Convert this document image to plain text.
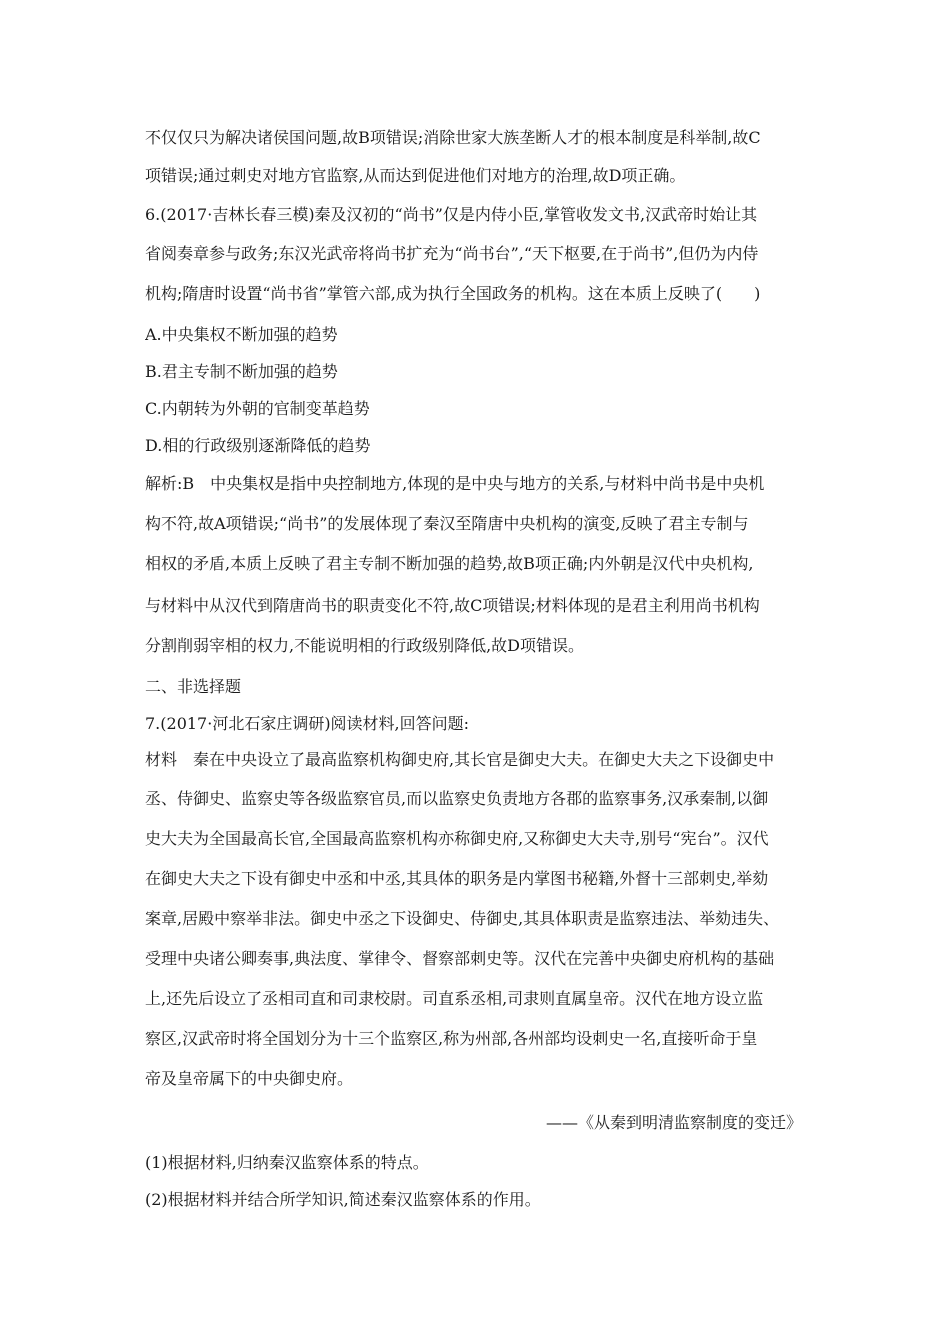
不仅仅只为解决诸侯国问题,故B项错误;消除世家大族垄断人才的根本制度是科举制,故C
项错误;通过刺史对地方官监察,从而达到促进他们对地方的治理,故D项正确。
6.(2017·吉林长春三模)秦及汉初的“尚书”仅是内侍小臣,掌管收发文书,汉武帝时始让其
省阅奏章参与政务;东汉光武帝将尚书扩充为“尚书台”,“天下枢要,在于尚书”,但仍为内侍
机构;隋唐时设置“尚书省”掌管六部,成为执行全国政务的机构。这在本质上反映了(　　)
A.中央集权不断加强的趋势
B.君主专制不断加强的趋势
C.内朝转为外朝的官制变革趋势
D.相的行政级别逐渐降低的趋势
解析:B　中央集权是指中央控制地方,体现的是中央与地方的关系,与材料中尚书是中央机
构不符,故A项错误;“尚书”的发展体现了秦汉至隋唐中央机构的演变,反映了君主专制与
相权的矛盾,本质上反映了君主专制不断加强的趋势,故B项正确;内外朝是汉代中央机构,
与材料中从汉代到隋唐尚书的职责变化不符,故C项错误;材料体现的是君主利用尚书机构
分割削弱宰相的权力,不能说明相的行政级别降低,故D项错误。
二、非选择题
7.(2017·河北石家庄调研)阅读材料,回答问题:
材料　秦在中央设立了最高监察机构御史府,其长官是御史大夫。在御史大夫之下设御史中
丞、侍御史、监察史等各级监察官员,而以监察史负责地方各郡的监察事务,汉承秦制,以御
史大夫为全国最高长官,全国最高监察机构亦称御史府,又称御史大夫寺,别号“宪台”。汉代
在御史大夫之下设有御史中丞和中丞,其具体的职务是内掌图书秘籍,外督十三部刺史,举劾
案章,居殿中察举非法。御史中丞之下设御史、侍御史,其具体职责是监察违法、举劾违失、
受理中央诸公卿奏事,典法度、掌律令、督察部刺史等。汉代在完善中央御史府机构的基础
上,还先后设立了丞相司直和司隶校尉。司直系丞相,司隶则直属皇帝。汉代在地方设立监
察区,汉武帝时将全国划分为十三个监察区,称为州部,各州部均设刺史一名,直接听命于皇
帝及皇帝属下的中央御史府。
——《从秦到明清监察制度的变迁》
(1)根据材料,归纳秦汉监察体系的特点。
(2)根据材料并结合所学知识,简述秦汉监察体系的作用。
